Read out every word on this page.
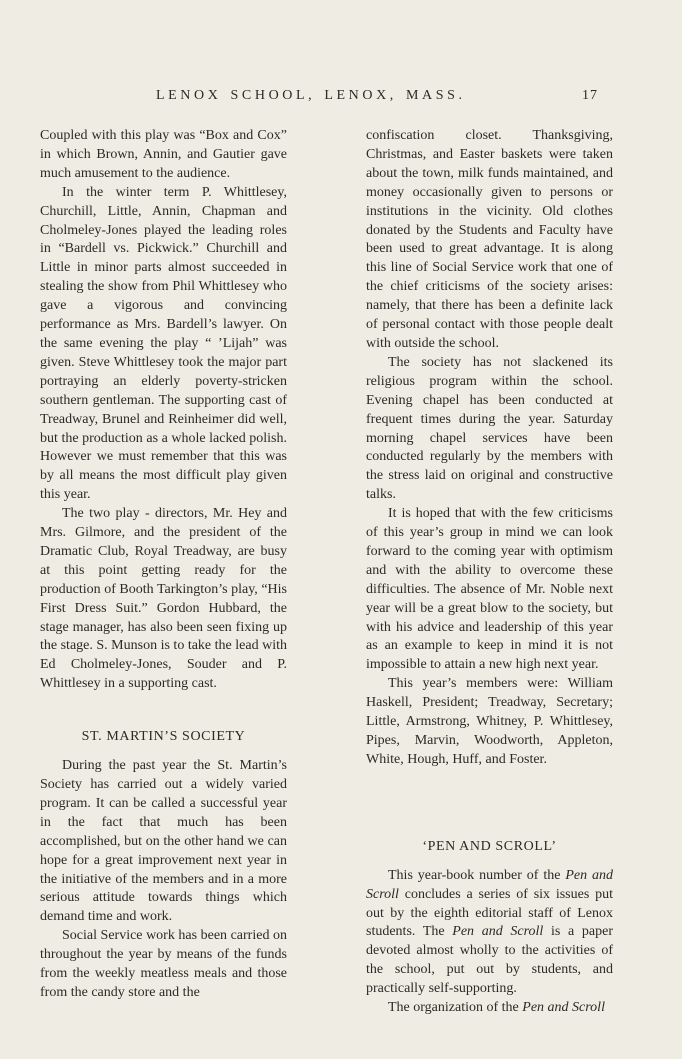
LENOX SCHOOL, LENOX, MASS.	17

Coupled with this play was “Box and Cox” in which Brown, Annin, and Gautier gave much amusement to the audience.

In the winter term P. Whittlesey, Churchill, Little, Annin, Chapman and Cholmeley-Jones played the leading roles in “Bardell vs. Pickwick.” Churchill and Little in minor parts almost succeeded in stealing the show from Phil Whittlesey who gave a vigorous and convincing performance as Mrs. Bardell’s lawyer. On the same evening the play “ ’Lijah” was given. Steve Whittlesey took the major part portraying an elderly poverty-stricken southern gentleman. The supporting cast of Treadway, Brunel and Reinheimer did well, but the production as a whole lacked polish. However we must remember that this was by all means the most difficult play given this year.

The two play - directors, Mr. Hey and Mrs. Gilmore, and the president of the Dramatic Club, Royal Treadway, are busy at this point getting ready for the production of Booth Tarkington’s play, “His First Dress Suit.” Gordon Hubbard, the stage manager, has also been seen fixing up the stage. S. Munson is to take the lead with Ed Cholmeley-Jones, Souder and P. Whittlesey in a supporting cast.

ST. MARTIN’S SOCIETY

During the past year the St. Martin’s Society has carried out a widely varied program. It can be called a successful year in the fact that much has been accomplished, but on the other hand we can hope for a great improvement next year in the initiative of the members and in a more serious attitude towards things which demand time and work.

Social Service work has been carried on throughout the year by means of the funds from the weekly meatless meals and those from the candy store and the

confiscation closet. Thanksgiving, Christmas, and Easter baskets were taken about the town, milk funds maintained, and money occasionally given to persons or institutions in the vicinity. Old clothes donated by the Students and Faculty have been used to great advantage. It is along this line of Social Service work that one of the chief criticisms of the society arises: namely, that there has been a definite lack of personal contact with those people dealt with outside the school.

The society has not slackened its religious program within the school. Evening chapel has been conducted at frequent times during the year. Saturday morning chapel services have been conducted regularly by the members with the stress laid on original and constructive talks.

It is hoped that with the few criticisms of this year’s group in mind we can look forward to the coming year with optimism and with the ability to overcome these difficulties. The absence of Mr. Noble next year will be a great blow to the society, but with his advice and leadership of this year as an example to keep in mind it is not impossible to attain a new high next year.

This year’s members were: William Haskell, President; Treadway, Secretary; Little, Armstrong, Whitney, P. Whittlesey, Pipes, Marvin, Woodworth, Appleton, White, Hough, Huff, and Foster.

‘PEN AND SCROLL’

This year-book number of the Pen and Scroll concludes a series of six issues put out by the eighth editorial staff of Lenox students. The Pen and Scroll is a paper devoted almost wholly to the activities of the school, put out by students, and practically self-supporting.

The organization of the Pen and Scroll
